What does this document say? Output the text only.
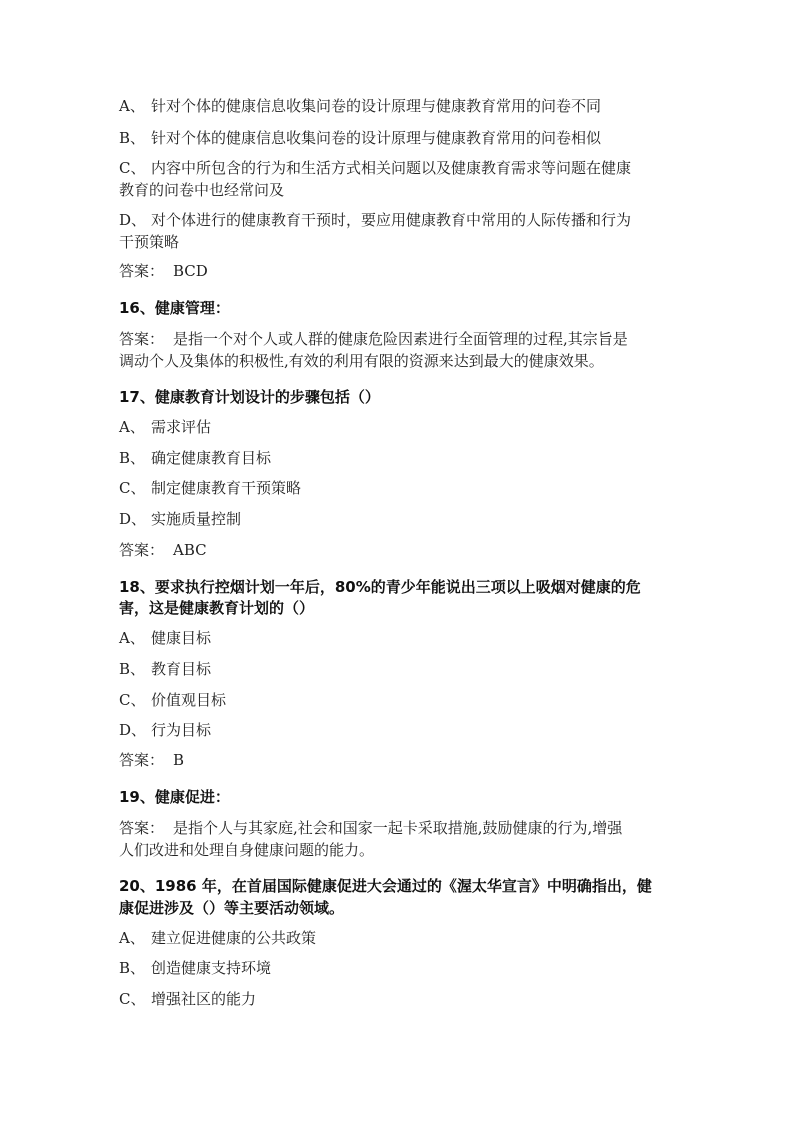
A、 针对个体的健康信息收集问卷的设计原理与健康教育常用的问卷不同
B、 针对个体的健康信息收集问卷的设计原理与健康教育常用的问卷相似
C、 内容中所包含的行为和生活方式相关问题以及健康教育需求等问题在健康
教育的问卷中也经常问及
D、 对个体进行的健康教育干预时，要应用健康教育中常用的人际传播和行为
干预策略
答案： BCD
16、健康管理：
答案： 是指一个对个人或人群的健康危险因素进行全面管理的过程,其宗旨是
调动个人及集体的积极性,有效的利用有限的资源来达到最大的健康效果。
17、健康教育计划设计的步骤包括（）
A、 需求评估
B、 确定健康教育目标
C、 制定健康教育干预策略
D、 实施质量控制
答案： ABC
18、要求执行控烟计划一年后，80%的青少年能说出三项以上吸烟对健康的危
害，这是健康教育计划的（）
A、 健康目标
B、 教育目标
C、 价值观目标
D、 行为目标
答案： B
19、健康促进：
答案： 是指个人与其家庭,社会和国家一起卡采取措施,鼓励健康的行为,增强
人们改进和处理自身健康问题的能力。
20、1986 年，在首届国际健康促进大会通过的《渥太华宣言》中明确指出，健
康促进涉及（）等主要活动领域。
A、 建立促进健康的公共政策
B、 创造健康支持环境
C、 增强社区的能力
